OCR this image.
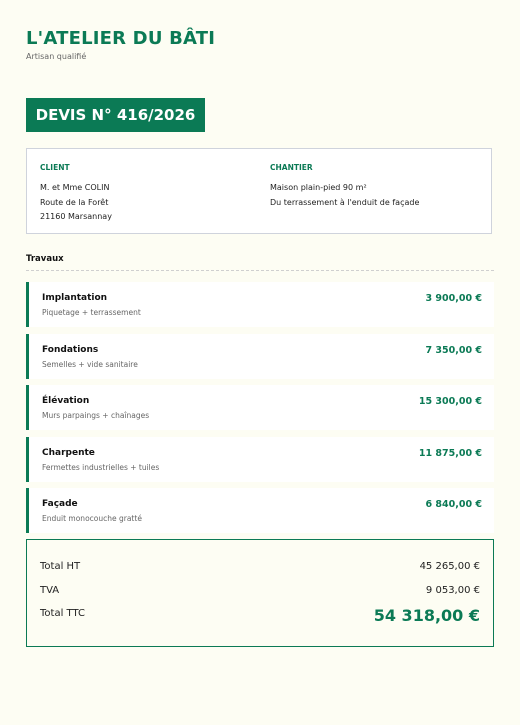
L'ATELIER DU BÂTI
Artisan qualifié
DEVIS N° 416/2026
CLIENT
M. et Mme COLIN
Route de la Forêt
21160 Marsannay
CHANTIER
Maison plain-pied 90 m²
Du terrassement à l'enduit de façade
Travaux
Implantation
Piquetage + terrassement
3 900,00 €
Fondations
Semelles + vide sanitaire
7 350,00 €
Élévation
Murs parpaings + chaînages
15 300,00 €
Charpente
Fermettes industrielles + tuiles
11 875,00 €
Façade
Enduit monocouche gratté
6 840,00 €
Total HT	45 265,00 €
TVA	9 053,00 €
Total TTC	54 318,00 €
